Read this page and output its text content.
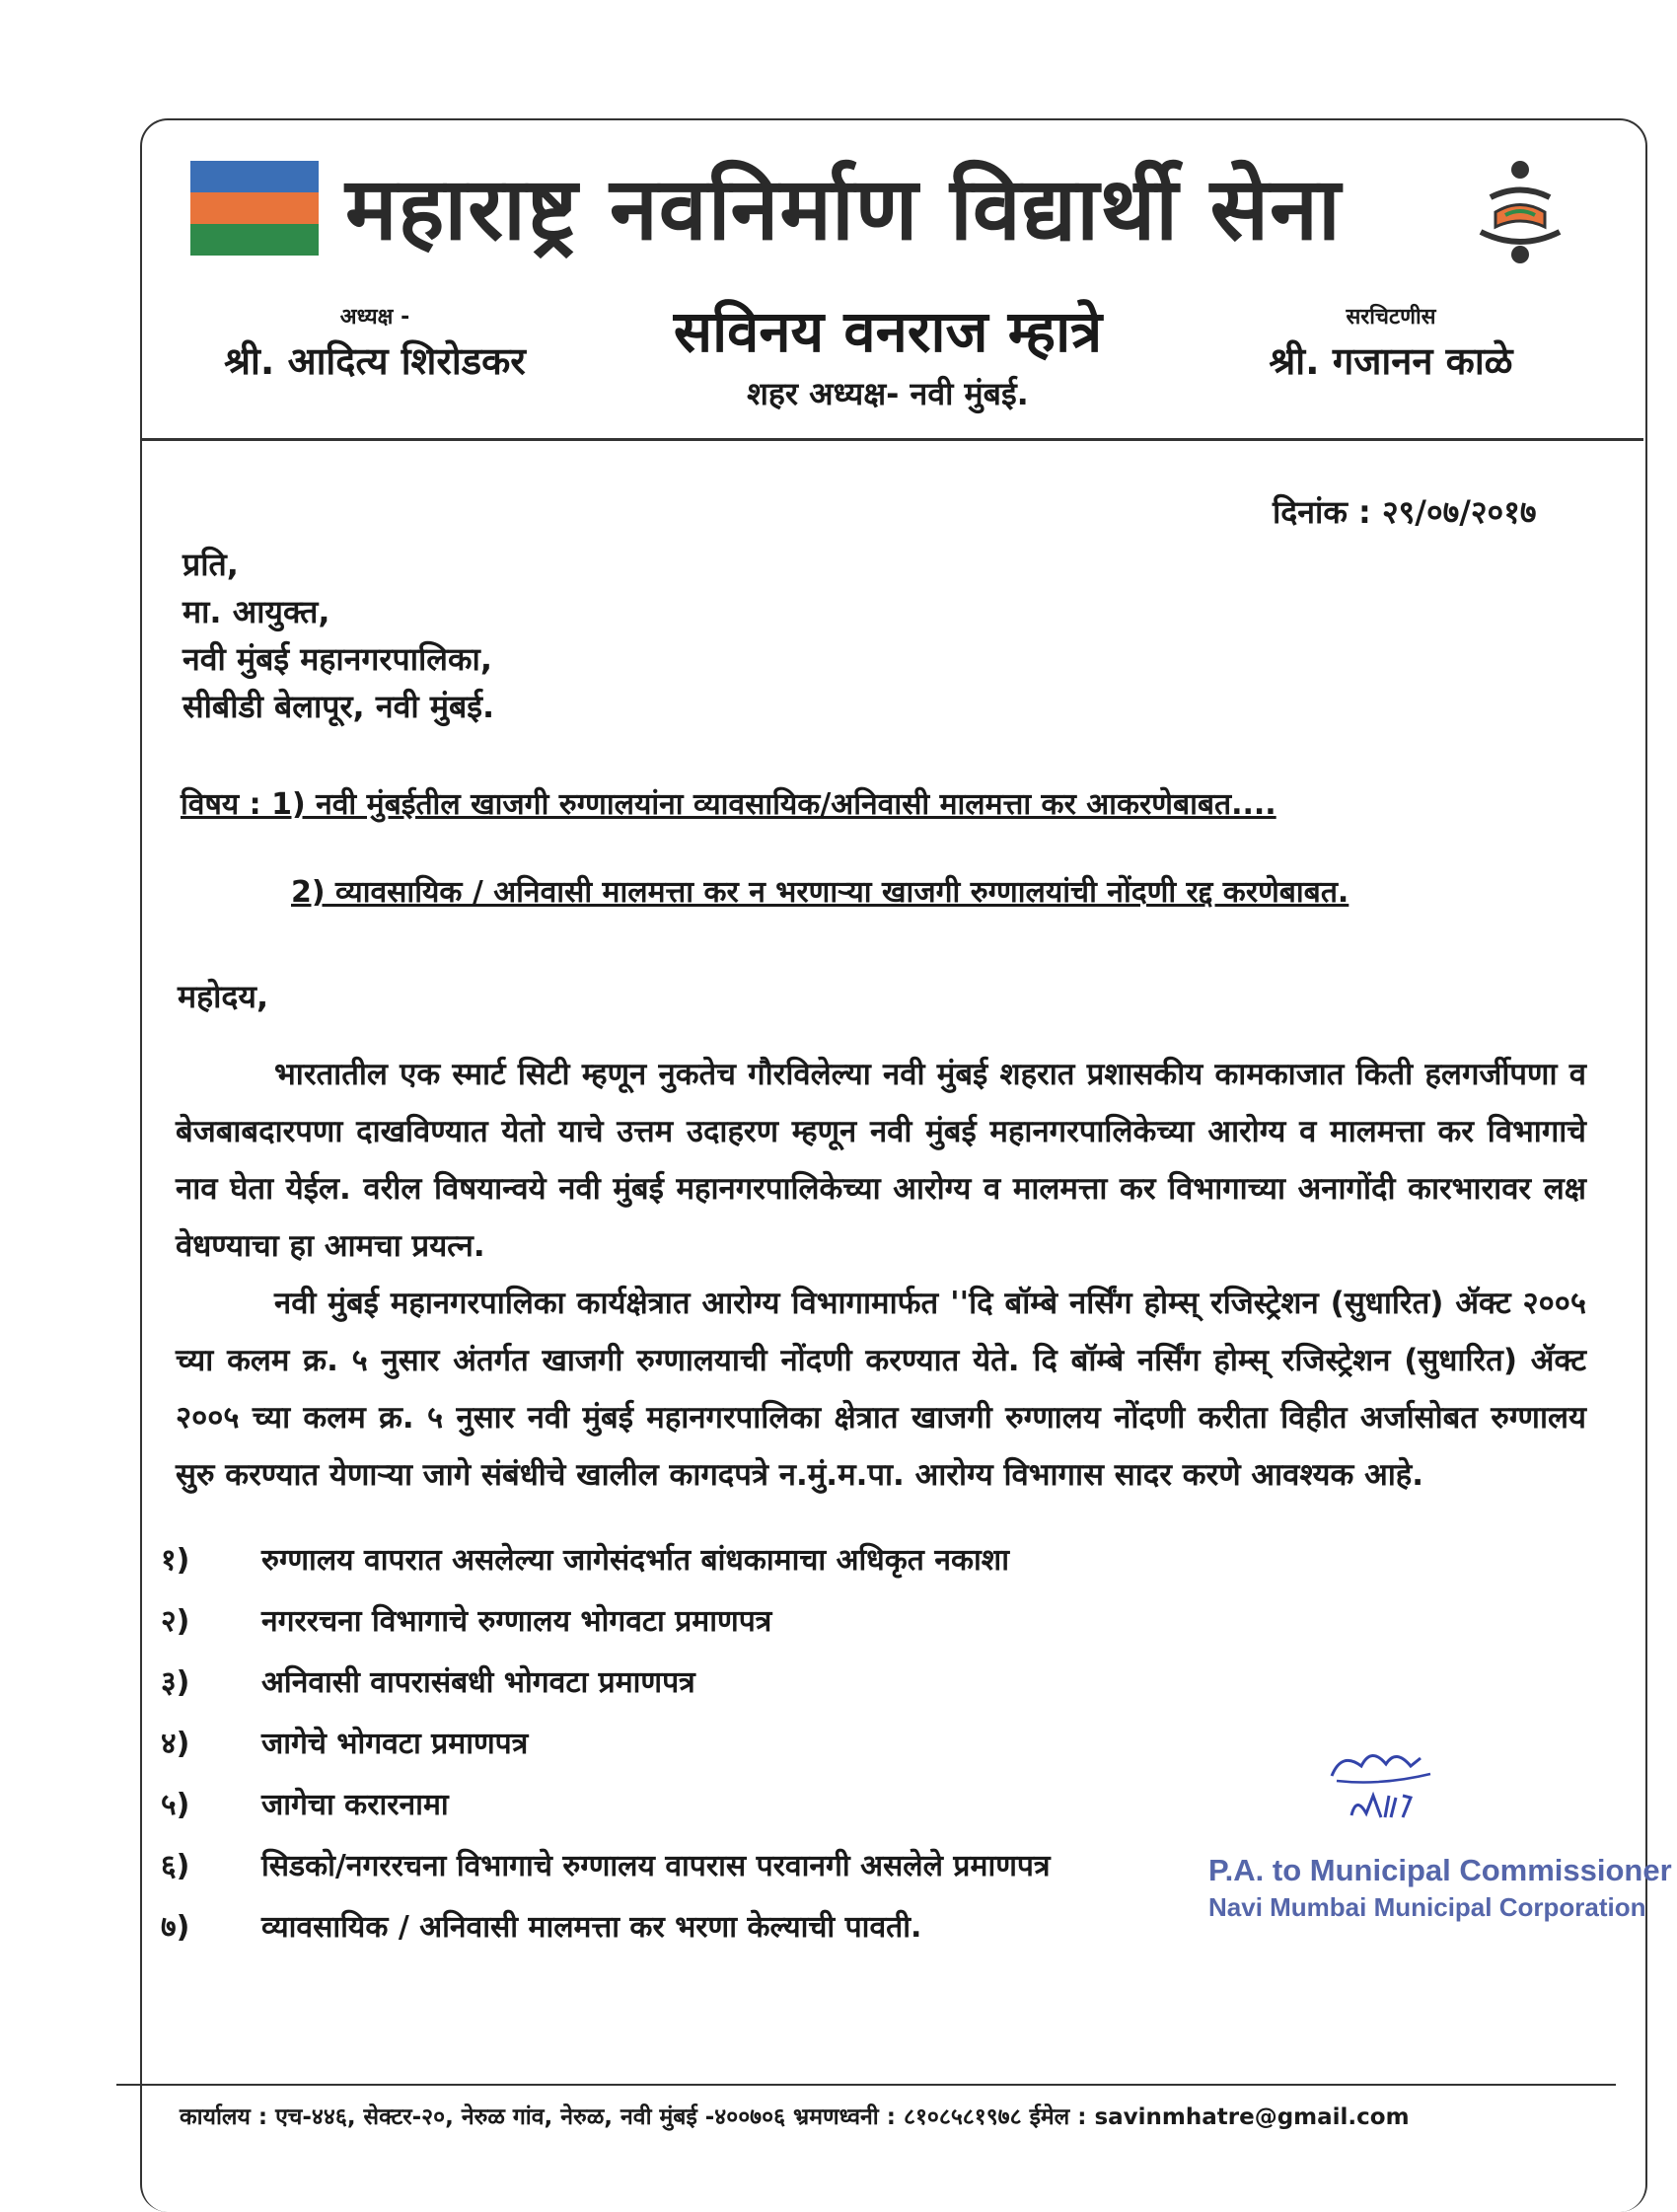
महाराष्ट्र नवनिर्माण विद्यार्थी सेना
अध्यक्ष -
श्री. आदित्य शिरोडकर	सविनय वनराज म्हात्रे
शहर अध्यक्ष- नवी मुंबई.
सरचिटणीस
श्री. गजानन काळे
दिनांक : २९/०७/२०१७
प्रति,
मा. आयुक्त,
नवी मुंबई महानगरपालिका,
सीबीडी बेलापूर, नवी मुंबई.
विषय : 1) नवी मुंबईतील खाजगी रुग्णालयांना व्यावसायिक/अनिवासी मालमत्ता कर आकरणेबाबत....
2) व्यावसायिक / अनिवासी मालमत्ता कर न भरणाऱ्या खाजगी रुग्णालयांची नोंदणी रद्द करणेबाबत.
महोदय,

भारतातील एक स्मार्ट सिटी म्हणून नुकतेच गौरविलेल्या नवी मुंबई शहरात प्रशासकीय कामकाजात किती हलगर्जीपणा व बेजबाबदारपणा दाखविण्यात येतो याचे उत्तम उदाहरण म्हणून नवी मुंबई महानगरपालिकेच्या आरोग्य व मालमत्ता कर विभागाचे नाव घेता येईल. वरील विषयान्वये नवी मुंबई महानगरपालिकेच्या आरोग्य व मालमत्ता कर विभागाच्या अनागोंदी कारभारावर लक्ष वेधण्याचा हा आमचा प्रयत्न.

नवी मुंबई महानगरपालिका कार्यक्षेत्रात आरोग्य विभागामार्फत ''दि बॉम्बे नर्सिंग होम्स् रजिस्ट्रेशन (सुधारित) ॲक्ट २००५ च्या कलम क्र. ५ नुसार अंतर्गत खाजगी रुग्णालयाची नोंदणी करण्यात येते. दि बॉम्बे नर्सिंग होम्स् रजिस्ट्रेशन (सुधारित) ॲक्ट २००५ च्या कलम क्र. ५ नुसार नवी मुंबई महानगरपालिका क्षेत्रात खाजगी रुग्णालय नोंदणी करीता विहीत अर्जासोबत रुग्णालय सुरु करण्यात येणाऱ्या जागे संबंधीचे खालील कागदपत्रे न.मुं.म.पा. आरोग्य विभागास सादर करणे आवश्यक आहे.

१)	रुग्णालय वापरात असलेल्या जागेसंदर्भात बांधकामाचा अधिकृत नकाशा
२)	नगररचना विभागाचे रुग्णालय भोगवटा प्रमाणपत्र
३)	अनिवासी वापरासंबधी भोगवटा प्रमाणपत्र
४)	जागेचे भोगवटा प्रमाणपत्र
५)	जागेचा करारनामा
६)	सिडको/नगररचना विभागाचे रुग्णालय वापरास परवानगी असलेले प्रमाणपत्र
७)	व्यावसायिक / अनिवासी मालमत्ता कर भरणा केल्याची पावती.
P.A. to Municipal Commissioner
Navi Mumbai Municipal Corporation
कार्यालय : एच-४४६, सेक्टर-२०, नेरुळ गांव, नेरुळ, नवी मुंबई -४००७०६ भ्रमणध्वनी : ८१०८५८१९७८ ईमेल : savinmhatre@gmail.com
